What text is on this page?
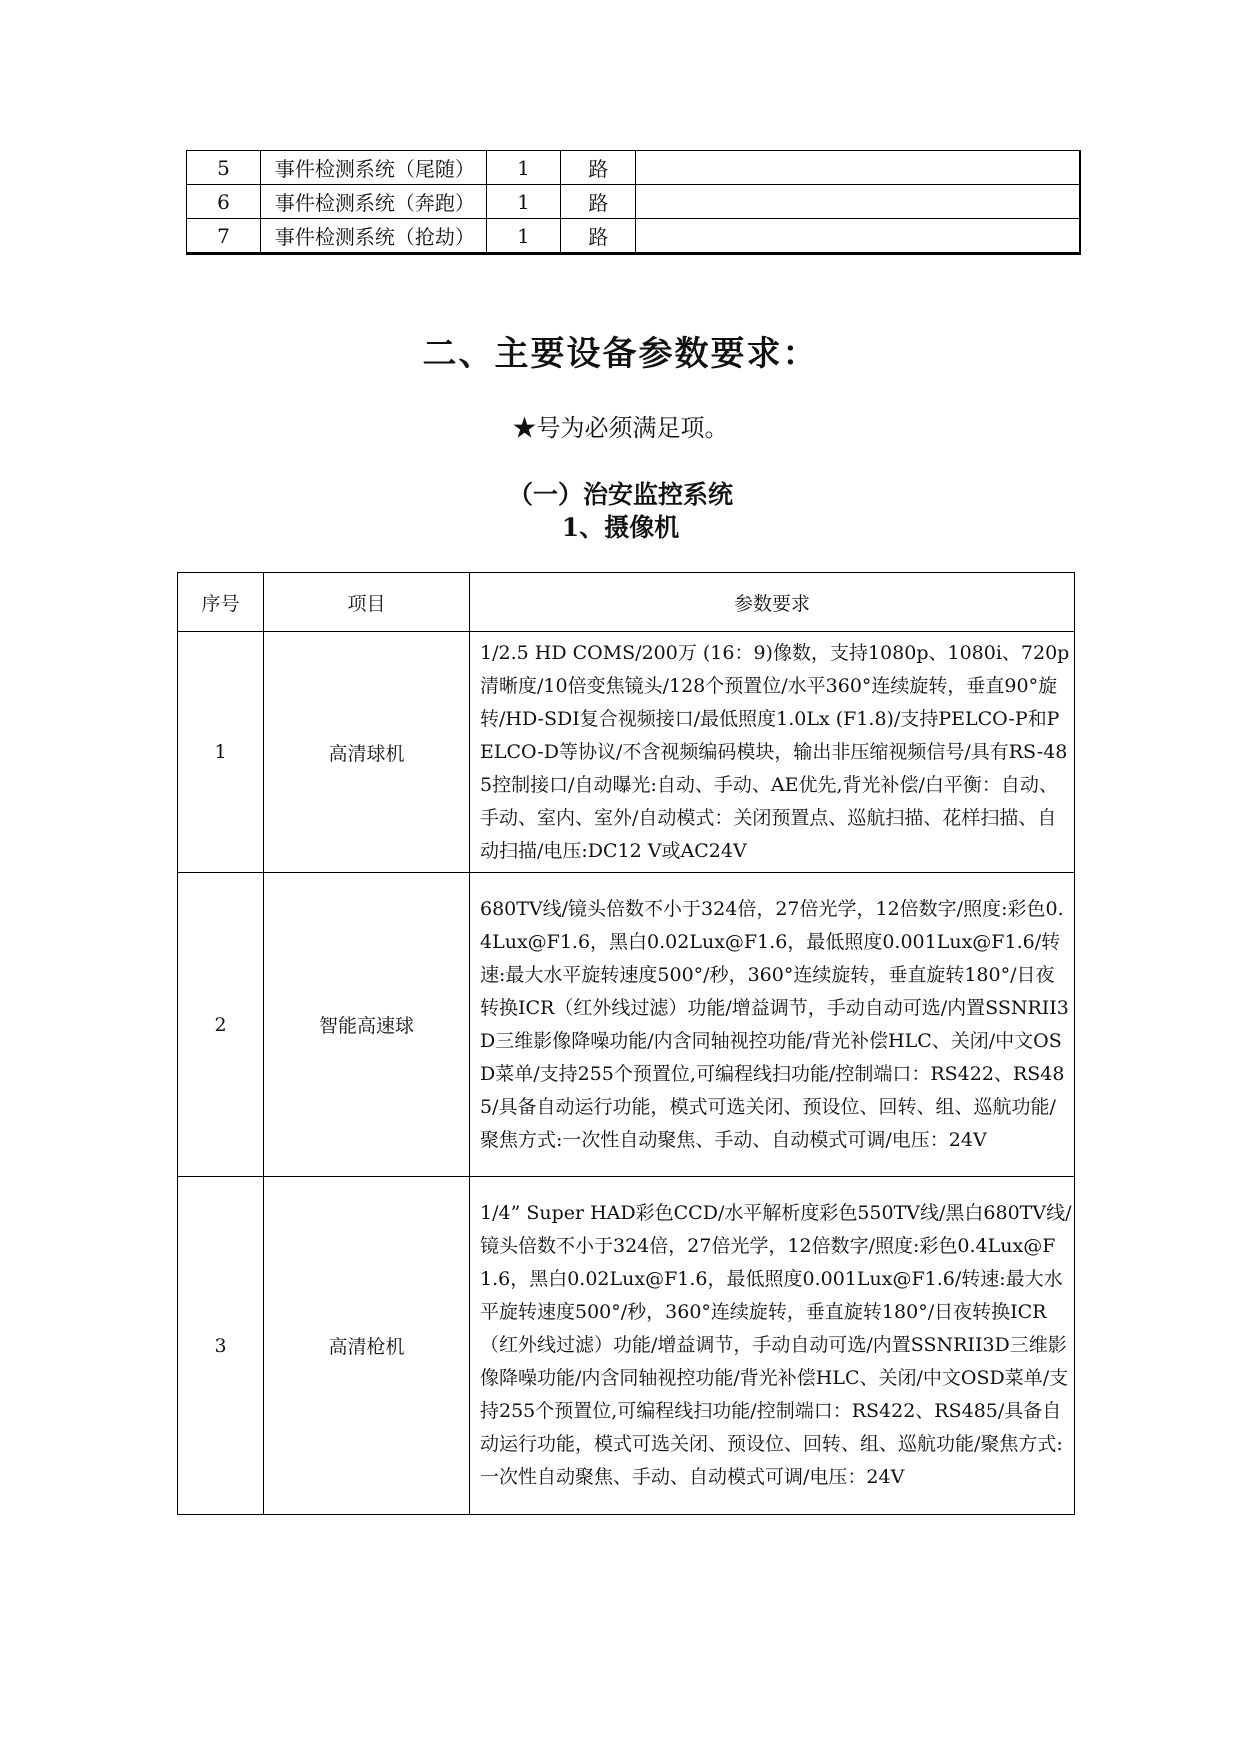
5	事件检测系统（尾随）	1	路	
6	事件检测系统（奔跑）	1	路	
7	事件检测系统（抢劫）	1	路	
二、主要设备参数要求：
★号为必须满足项。
（一）治安监控系统
1、摄像机
序号	项目	参数要求
1	高清球机	1/2.5 HD COMS/200万 (16：9)像数，支持1080p、1080i、720p清晰度/10倍变焦镜头/128个预置位/水平360°连续旋转，垂直90°旋转/HD-SDI复合视频接口/最低照度1.0Lx (F1.8)/支持PELCO-P和PELCO-D等协议/不含视频编码模块，输出非压缩视频信号/具有RS-485控制接口/自动曝光:自动、手动、AE优先,背光补偿/白平衡：自动、手动、室内、室外/自动模式：关闭预置点、巡航扫描、花样扫描、自动扫描/电压:DC12 V或AC24V
2	智能高速球	680TV线/镜头倍数不小于324倍，27倍光学，12倍数字/照度:彩色0.4Lux@F1.6，黑白0.02Lux@F1.6，最低照度0.001Lux@F1.6/转速:最大水平旋转速度500°/秒，360°连续旋转，垂直旋转180°/日夜转换ICR（红外线过滤）功能/增益调节，手动自动可选/内置SSNRII3D三维影像降噪功能/内含同轴视控功能/背光补偿HLC、关闭/中文OSD菜单/支持255个预置位,可编程线扫功能/控制端口：RS422、RS485/具备自动运行功能，模式可选关闭、预设位、回转、组、巡航功能/聚焦方式:一次性自动聚焦、手动、自动模式可调/电压：24V
3	高清枪机	1/4” Super HAD彩色CCD/水平解析度彩色550TV线/黑白680TV线/镜头倍数不小于324倍，27倍光学，12倍数字/照度:彩色0.4Lux@F1.6，黑白0.02Lux@F1.6，最低照度0.001Lux@F1.6/转速:最大水平旋转速度500°/秒，360°连续旋转，垂直旋转180°/日夜转换ICR（红外线过滤）功能/增益调节，手动自动可选/内置SSNRII3D三维影像降噪功能/内含同轴视控功能/背光补偿HLC、关闭/中文OSD菜单/支持255个预置位,可编程线扫功能/控制端口：RS422、RS485/具备自动运行功能，模式可选关闭、预设位、回转、组、巡航功能/聚焦方式:一次性自动聚焦、手动、自动模式可调/电压：24V
